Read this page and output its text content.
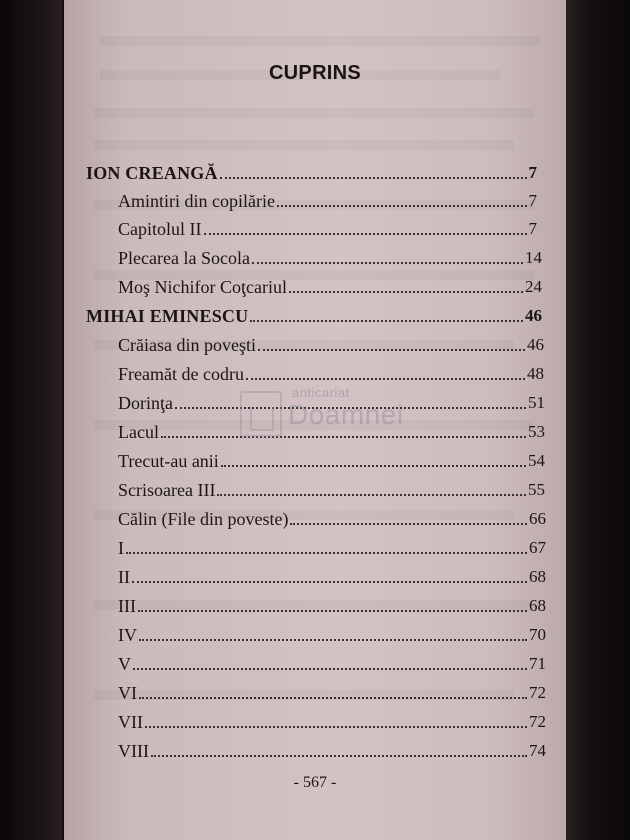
CUPRINS
ION CREANGĂ	7
Amintiri din copilărie	7
Capitolul II	7
Plecarea la Socola	14
Moş Nichifor Coţcariul	24
MIHAI EMINESCU	46
Crăiasa din poveşti	46
Freamăt de codru	48
Dorinţa	51
Lacul	53
Trecut-au anii	54
Scrisoarea III	55
Călin (File din poveste)	66
I	67
II	68
III	68
IV	70
V	71
VI	72
VII	72
VIII	74
anticariat
Doamnei
- 567 -
